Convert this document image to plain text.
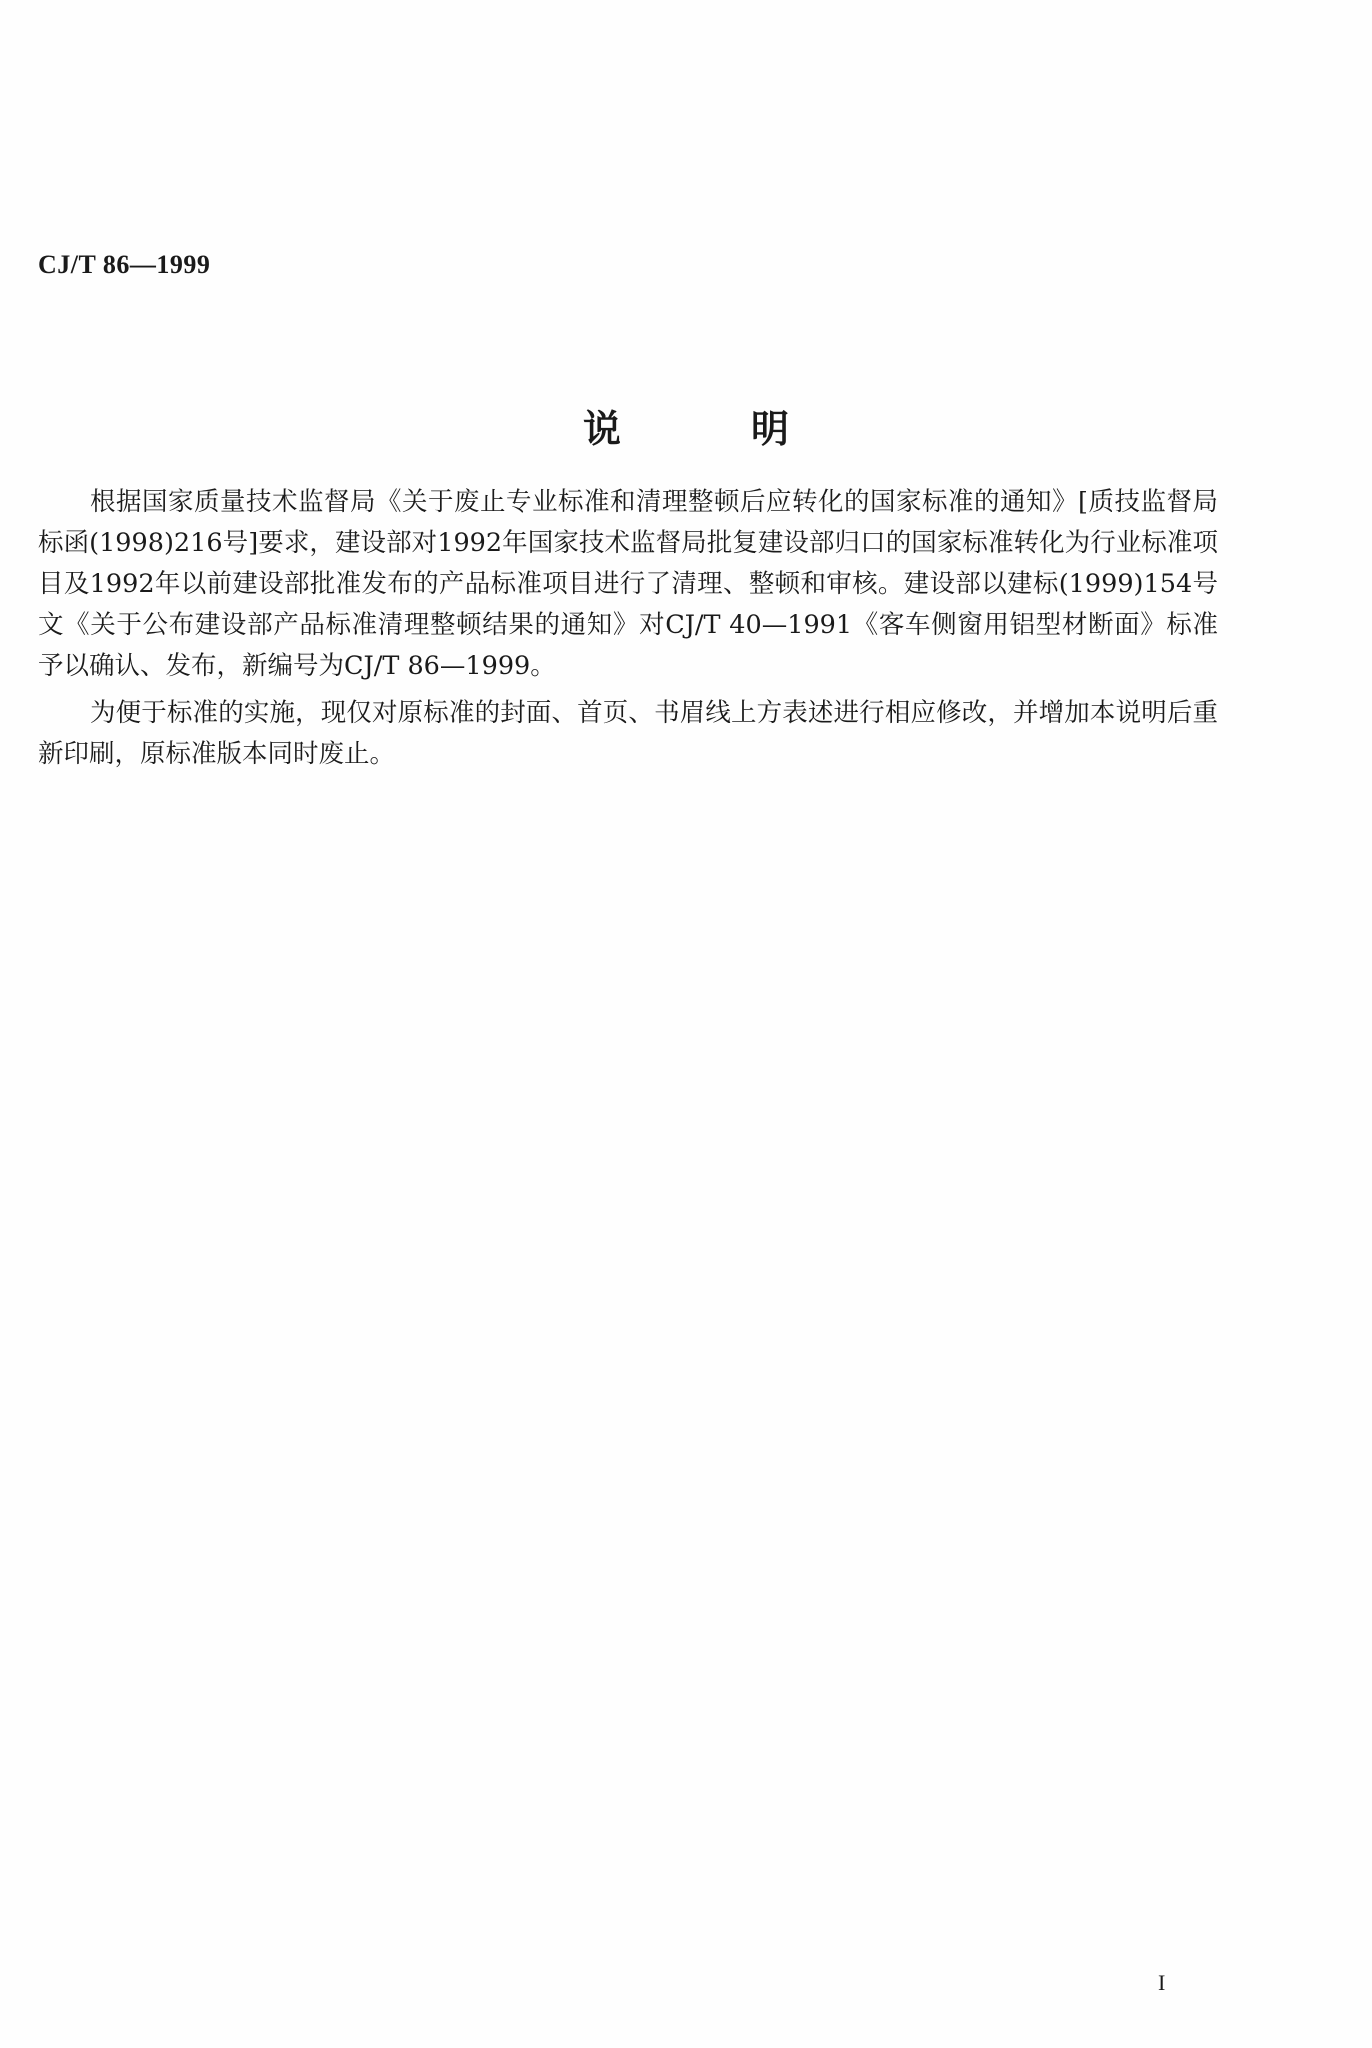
CJ/T 86—1999
说明

根据国家质量技术监督局《关于废止专业标准和清理整顿后应转化的国家标准的通知》[质技监督局标函(1998)216号]要求，建设部对1992年国家技术监督局批复建设部归口的国家标准转化为行业标准项目及1992年以前建设部批准发布的产品标准项目进行了清理、整顿和审核。建设部以建标(1999)154号文《关于公布建设部产品标准清理整顿结果的通知》对CJ/T 40—1991《客车侧窗用铝型材断面》标准予以确认、发布，新编号为CJ/T 86—1999。

为便于标准的实施，现仅对原标准的封面、首页、书眉线上方表述进行相应修改，并增加本说明后重新印刷，原标准版本同时废止。

I
